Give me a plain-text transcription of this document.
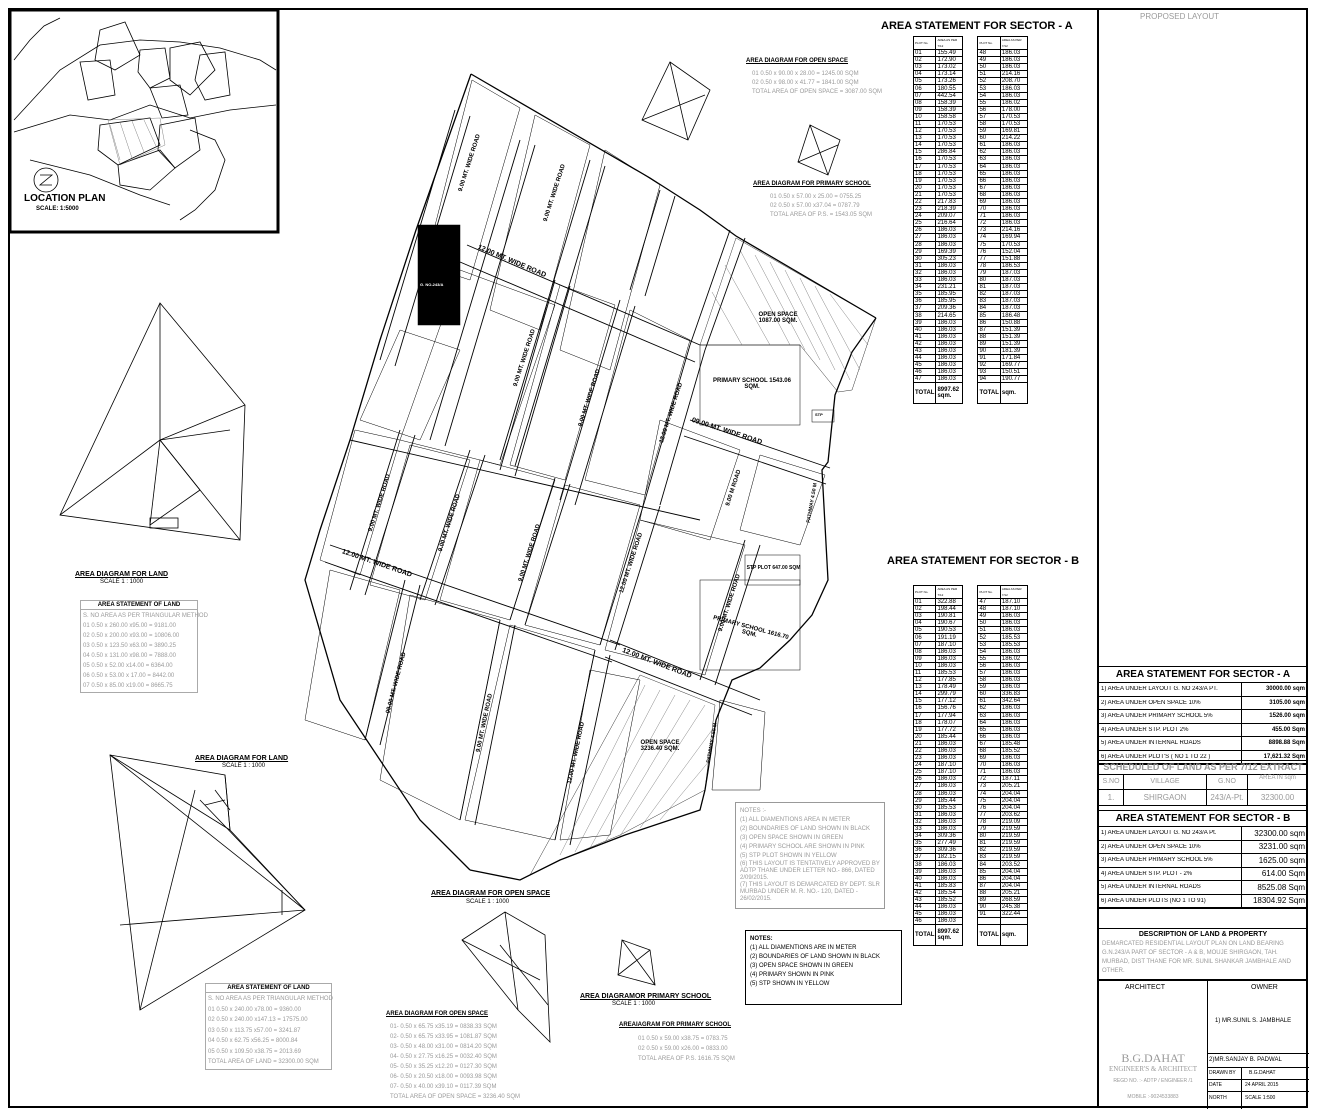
LOCATION PLAN
SCALE: 1:5000
OPEN SPACE 1087.00 SQM.
PRIMARY SCHOOL 1543.06 SQM.
STP
STP PLOT 647.00 SQM
PRIMARY SCHOOL 1616.70 SQM.
OPEN SPACE 3236.40 SQM.
PATHWAY 4.50 M
PATHWAY 4.50 M
G. NO-243/A
12.00 MT. WIDE ROAD
12.00 MT. WIDE ROAD
12.00 MT. WIDE ROAD
09.00 MT. WIDE ROAD
9.00 MT. WIDE ROAD
9.00 MT. WIDE ROAD
9.00 MT. WIDE ROAD
9.00 MT. WIDE ROAD	12.00 MT. WIDE ROAD
9.00 MT. WIDE ROAD	9.00 MT. WIDE ROAD
9.00 MT. WIDE ROAD	12.00 MT. WIDE ROAD
9.00 MT. WIDE ROAD
09.00 MT. WIDE ROAD
9.00 MT. WIDE ROAD	12.00 MT. WIDE ROAD
9.00 M ROAD
AREA DIAGRAM FOR LAND
SCALE 1 : 1000
AREA STATEMENT OF LAND
S. NO AREA AS PER TRIANGULAR METHOD
01 0.50 x 260.00 x95.00 = 9181.00
02 0.50 x 200.00 x93.00 = 10806.00
03 0.50 x 123.50 x63.00 = 3890.25
04 0.50 x 131.00 x98.00 = 7888.00
05 0.50 x 52.00 x14.00 = 6364.00
06 0.50 x 53.00 x 17.00 = 8442.00
07 0.50 x 85.00 x19.00 = 8665.75
AREA DIAGRAM FOR LAND
SCALE 1 : 1000
AREA STATEMENT OF LAND
S. NO AREA AS PER TRIANGULAR METHOD
01 0.50 x 240.00 x78.00 = 9360.00
02 0.50 x 240.00 x147.13 = 17575.00
03 0.50 x 113.75 x57.00 = 3241.87
04 0.50 x 62.75 x56.25 = 8000.84
05 0.50 x 109.50 x38.75 = 2013.69
TOTAL AREA OF LAND = 32300.00 SQM
AREA DIAGRAM FOR OPEN SPACE
01 0.50 x 90.00 x 28.00 = 1245.00 SQM
02 0.50 x 98.00 x 41.77 = 1841.00 SQM
TOTAL AREA OF OPEN SPACE = 3087.00 SQM
AREA DIAGRAM FOR PRIMARY SCHOOL
01 0.50 x 57.00 x 25.00 = 0755.25
02 0.50 x 57.00 x37.04 = 0787.79
TOTAL AREA OF P.S. = 1543.05 SQM
AREA DIAGRAM FOR OPEN SPACE
SCALE 1 : 1000
AREA DIAGRAM FOR OPEN SPACE
01- 0.50 x 65.75 x35.19 = 0838.33 SQM
02- 0.50 x 65.75 x33.95 = 1081.87 SQM
03- 0.50 x 48.00 x31.00 = 0814.20 SQM
04- 0.50 x 27.75 x16.25 = 0032.40 SQM
05- 0.50 x 35.25 x12.20 = 0127.30 SQM
06- 0.50 x 20.50 x18.00 = 0093.98 SQM
07- 0.50 x 40.00 x39.10 = 0117.39 SQM
TOTAL AREA OF OPEN SPACE = 3236.40 SQM
AREA DIAGRAMOR PRIMARY SCHOOL
SCALE 1 : 1000
AREAIAGRAM FOR PRIMARY SCHOOL
01 0.50 x 59.00 x38.75 = 0783.75
02 0.50 x 59.00 x26.00 = 0833.00
TOTAL AREA OF P.S. 1616.75 SQM
NOTES :-
(1) ALL DIAMENTIONS AREA IN METER
(2) BOUNDARIES OF LAND SHOWN IN BLACK
(3) OPEN SPACE SHOWN IN GREEN
(4) PRIMARY SCHOOL ARE SHOWN IN PINK
(5) STP PLOT SHOWN IN YELLOW
(6) THIS LAYOUT IS TENTATIVELY APPROVED BY ADTP THANE UNDER LETTER NO.- 866, DATED 2/09/2015.
(7) THIS LAYOUT IS DEMARCATED BY DEPT. SLR MURBAD UNDER M. R. NO.- 120, DATED - 26/02/2015.
NOTES:
(1) ALL DIAMENTIONS ARE IN METER
(2) BOUNDARIES OF LAND SHOWN IN BLACK
(3) OPEN SPACE SHOWN IN GREEN
(4) PRIMARY SHOWN IN PINK
(5) STP SHOWN IN YELLOW
AREA STATEMENT FOR SECTOR - A
PLOT No.	AREA AS PER 7/12		PLOT No.	AREA AS PER 7/12
01	155.49		48	186.03
02	172.90		49	186.03
03	173.02		50	186.03
04	173.14		51	214.16
05	173.26		52	208.70
06	180.55		53	186.03
07	442.54		54	186.03
08	158.39		55	186.02
09	158.39		56	178.00
10	158.58		57	170.53
11	170.53		58	170.53
12	170.53		59	169.81
13	170.53		60	214.22
14	170.53		61	186.03
15	286.84		62	186.03
16	170.53		63	186.03
17	170.53		64	186.03
18	170.53		65	186.03
19	170.53		66	186.03
20	170.53		67	186.03
21	170.53		68	186.03
22	217.83		69	186.03
23	218.39		70	186.03
24	209.07		71	186.03
25	216.64		72	186.03
26	186.03		73	214.16
27	186.03		74	169.94
28	186.03		75	170.53
29	169.39		76	152.04
30	305.23		77	151.88
31	186.03		78	186.53
32	186.03		79	187.03
33	186.03		80	187.03
34	231.21		81	187.03
35	185.95		82	187.03
36	185.95		83	187.03
37	209.36		84	187.03
38	214.65		85	186.48
39	186.03		86	150.88
40	186.03		87	151.39
41	186.03		88	151.39
42	186.03		89	151.39
43	186.03		90	181.39
44	186.03		91	171.84
45	186.03		92	169.77
46	186.03		93	150.51
47	186.03		94	190.77
TOTAL	8997.62 sqm.		TOTAL	sqm.
AREA STATEMENT FOR SECTOR - B
PLOT No.	AREA AS PER 7/12		PLOT No.	AREA AS PER 7/12
01	322.88		47	187.10
02	198.44		48	187.10
03	190.81		49	186.03
04	190.67		50	186.03
05	190.53		51	186.03
06	191.19		52	185.53
07	187.10		53	185.53
08	186.03		54	186.03
09	186.03		55	186.02
10	186.03		56	186.03
11	185.53		57	186.03
12	177.85		58	186.03
13	178.49		59	186.03
14	299.79		60	336.83
15	177.12		61	342.64
16	156.76		62	186.03
17	177.94		63	186.03
18	178.07		64	186.03
19	177.72		65	186.03
20	185.44		66	186.03
21	186.03		67	185.48
22	186.03		68	185.52
23	186.03		69	186.03
24	187.10		70	186.03
25	187.10		71	186.03
26	186.03		72	187.11
27	186.03		73	205.21
28	186.03		74	204.04
29	185.44		75	204.04
30	185.53		76	204.04
31	186.03		77	203.62
32	186.03		78	219.09
33	186.03		79	219.59
34	309.36		80	219.59
35	277.49		81	219.59
36	309.36		82	219.59
37	182.15		83	219.59
38	186.03		84	203.52
39	186.03		85	204.04
40	186.03		86	204.04
41	185.83		87	204.04
42	185.54		88	205.21
43	185.52		89	268.59
44	186.03		90	245.38
45	186.03		91	322.44
46	186.03			
TOTAL	8997.62 sqm.		TOTAL	sqm.
PROPOSED LAYOUT
AREA STATEMENT FOR SECTOR - A
1) AREA UNDER LAYOUT G. NO 243/A PT.	30000.00 sqm
2) AREA UNDER OPEN SPACE 10%	3105.00 sqm
3) AREA UNDER PRIMARY SCHOOL 5%	1526.00 sqm
4) AREA UNDER STP. PLOT 2%	455.00 Sqm
5) AREA UNDER INTERNAL ROADS	8898.88 Sqm
6) AREA UNDER PLOT'S ( NO 1 TO 22 )	17,621.32 Sqm
SCHEDULED OF LAND AS PER 7/12 EXTRACT
S.NO	VILLAGE	G.NO	AREA IN sqm
1.	SHIRGAON	243/A-Pt.	32300.00
AREA STATEMENT FOR SECTOR - B
1) AREA UNDER LAYOUT G. NO 243/A Pt.	32300.00 sqm
2) AREA UNDER OPEN SPACE 10%	3231.00 sqm
3) AREA UNDER PRIMARY SCHOOL 5%	1625.00 sqm
4) AREA UNDER STP. PLOT - 2%	614.00 Sqm
5) AREA UNDER INTERNAL ROADS	8525.08 Sqm
6) AREA UNDER PLOTS (NO 1 TO 91)	18304.92 Sqm
DESCRIPTION OF LAND & PROPERTY
DEMARCATED RESIDENTIAL LAYOUT PLAN ON LAND BEARING G.N.243/A PART OF SECTOR - A & B, MOUJE SHIRGAON, TAH. MURBAD, DIST THANE FOR MR. SUNIL SHANKAR JAMBHALE AND OTHER.
ARCHITECT	OWNER
1) MR.SUNIL S. JAMBHALE
2)MR.SANJAY B. PADWAL
B.G.DAHAT
ENGINEER'S & ARCHITECT
REGD NO. :- ADTP / ENGINEER /1
MOBILE :-9024533883
DRAWN BY	B.G.DAHAT
DATE	24 APRIL 2015
NORTH	SCALE 1:500
